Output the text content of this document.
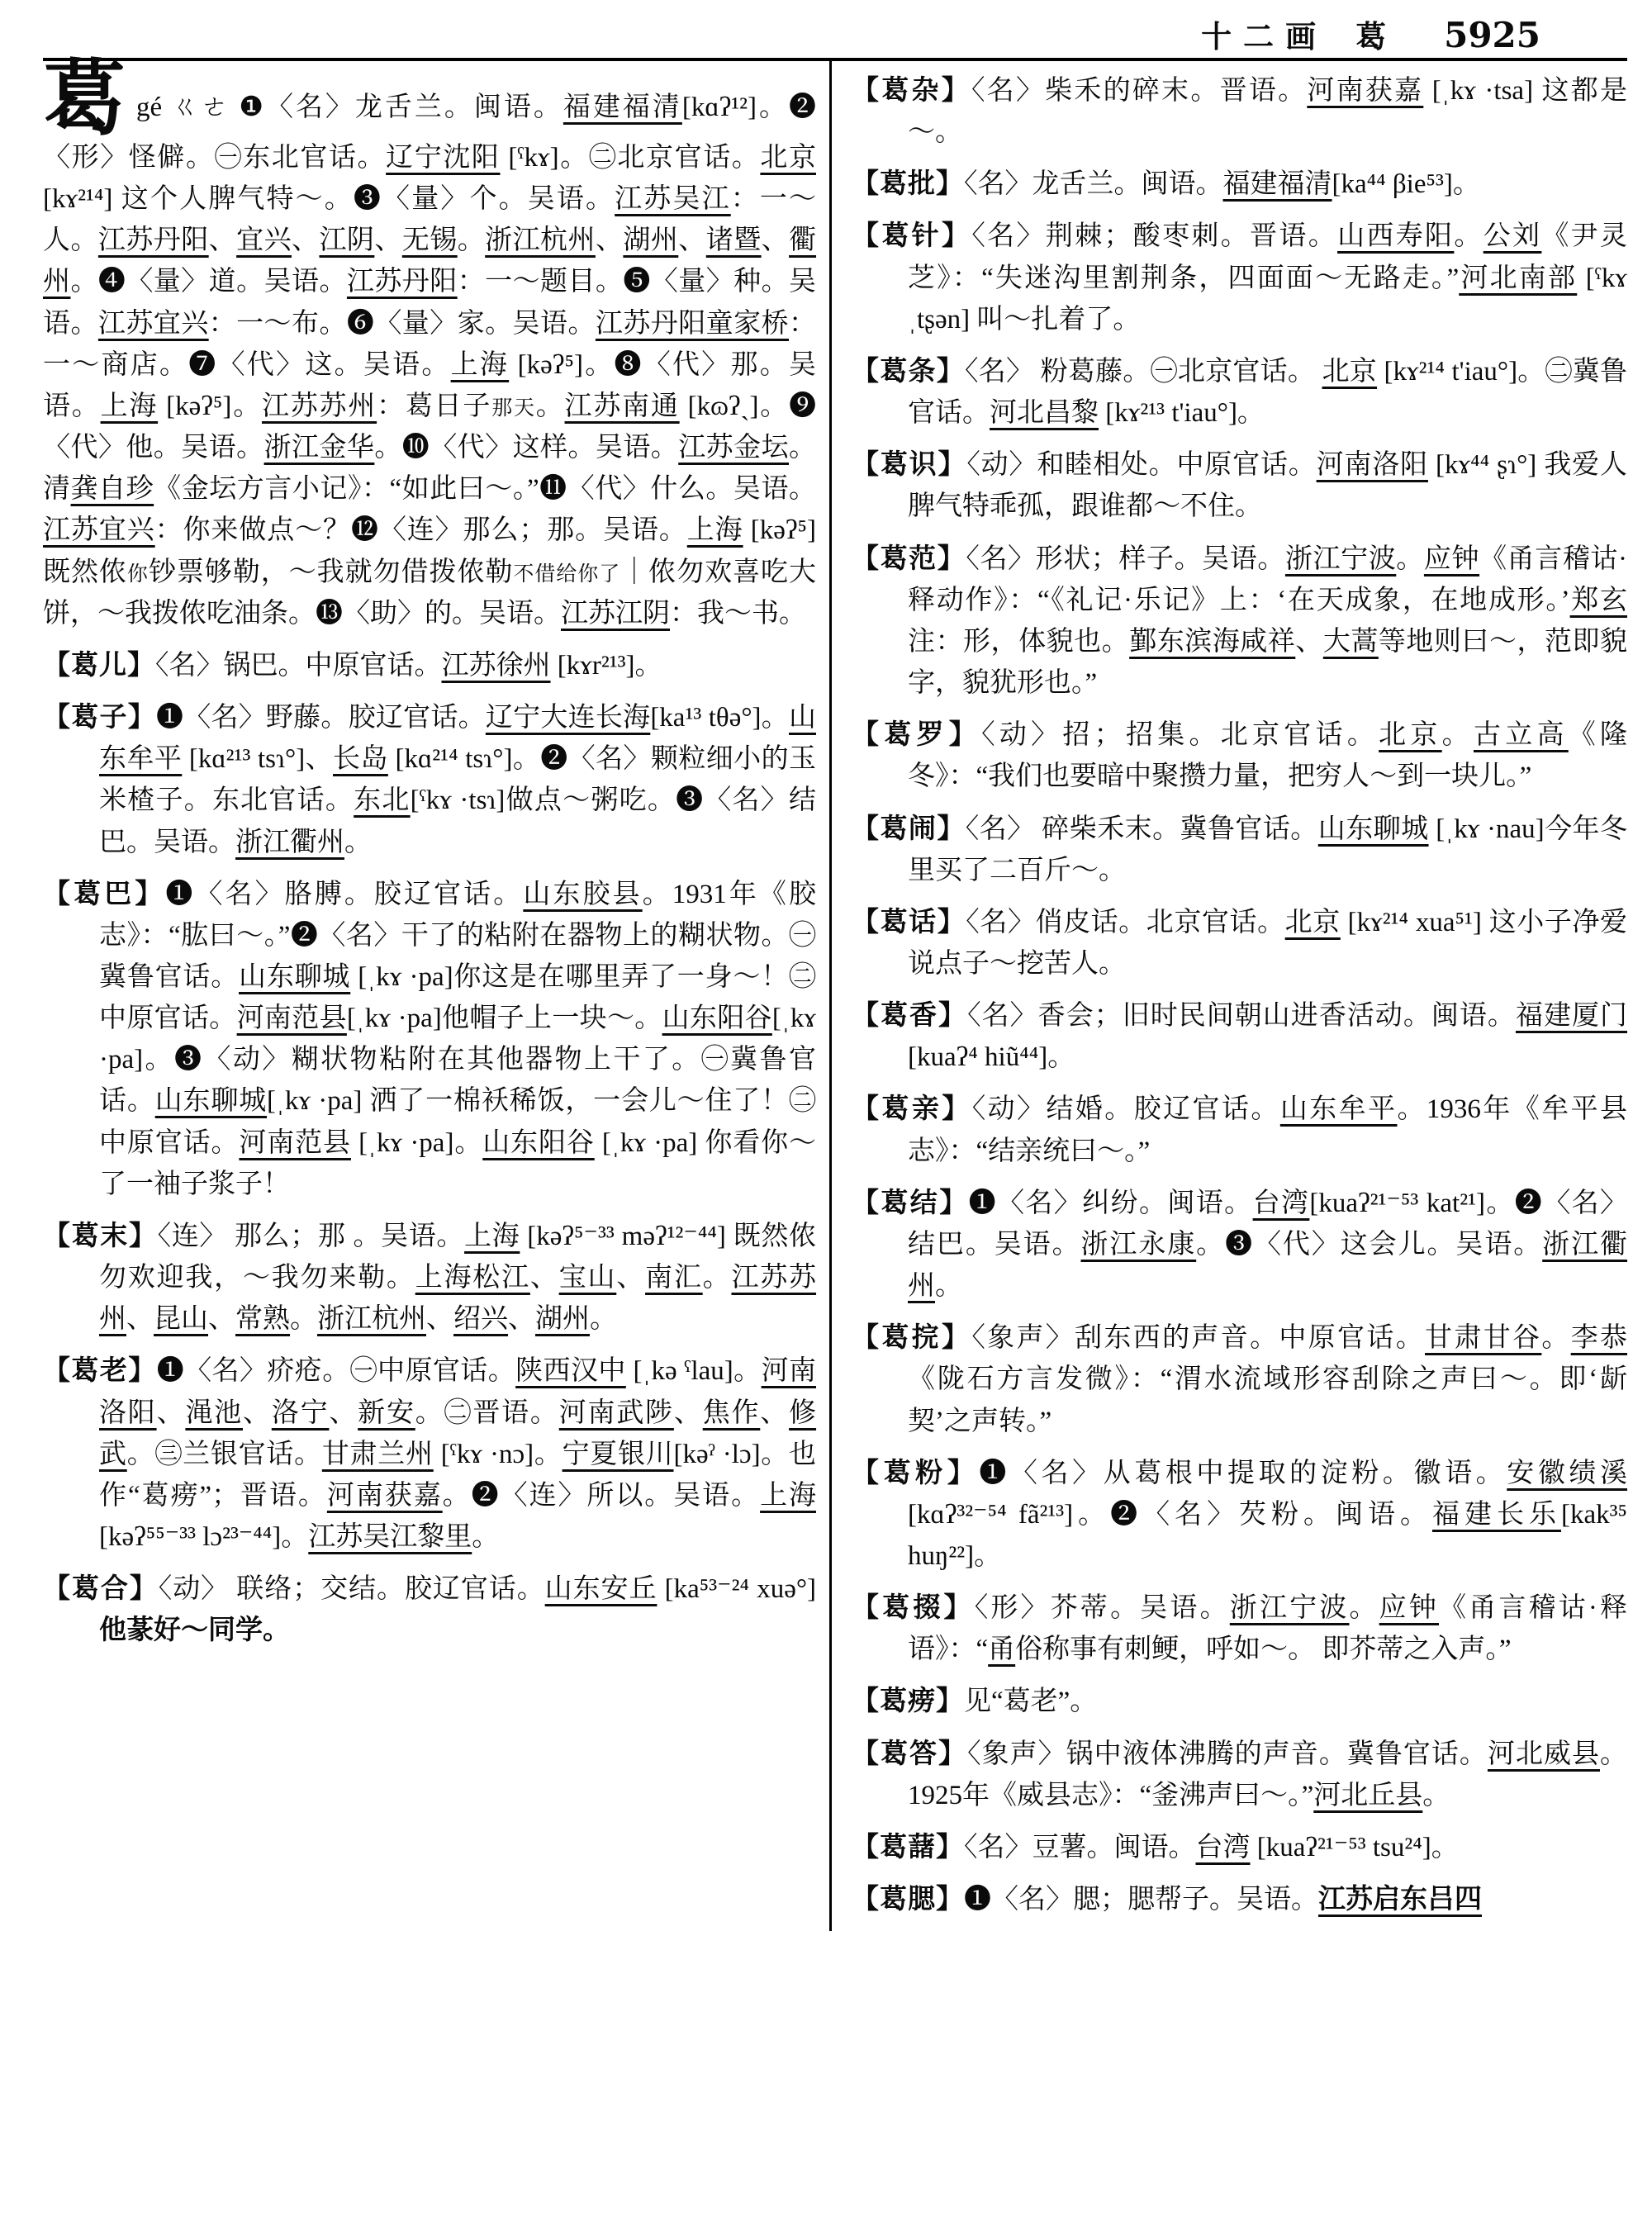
十二画 葛 5925
葛gé ㄍㄜ ❶〈名〉龙舌兰。闽语。福建福清[kɑʔ¹²]。❷〈形〉怪僻。㊀东北官话。辽宁沈阳 [ˤkɤ]。㊁北京官话。北京 [kɤ²¹⁴] 这个人脾气特～。❸〈量〉个。吴语。江苏吴江：一～人。江苏丹阳、宜兴、江阴、无锡。浙江杭州、湖州、诸暨、衢州。❹〈量〉道。吴语。江苏丹阳：一～题目。❺〈量〉种。吴语。江苏宜兴：一～布。❻〈量〉家。吴语。江苏丹阳童家桥：一～商店。❼〈代〉这。吴语。上海 [kəʔ⁵]。❽〈代〉那。吴语。上海 [kəʔ⁵]。江苏苏州：葛日子那天。江苏南通 [kɷʔˎ]。❾〈代〉他。吴语。浙江金华。❿〈代〉这样。吴语。江苏金坛。清龚自珍《金坛方言小记》：“如此曰～。”⓫〈代〉什么。吴语。江苏宜兴：你来做点～？⓬〈连〉那么；那。吴语。上海 [kəʔ⁵] 既然侬你钞票够勒，～我就勿借拨侬勒不借给你了｜侬勿欢喜吃大饼，～我拨侬吃油条。⓭〈助〉的。吴语。江苏江阴：我～书。
【葛儿】〈名〉锅巴。中原官话。江苏徐州 [kɤr²¹³]。
【葛子】❶〈名〉野藤。胶辽官话。辽宁大连长海[ka¹³ tθə°]。山东牟平 [kɑ²¹³ tsɿ°]、长岛 [kɑ²¹⁴ tsɿ°]。❷〈名〉颗粒细小的玉米楂子。东北官话。东北[ˤkɤ ·tsɿ]做点～粥吃。❸〈名〉结巴。吴语。浙江衢州。
【葛巴】❶〈名〉胳膊。胶辽官话。山东胶县。1931年《胶志》：“肱曰～。”❷〈名〉干了的粘附在器物上的糊状物。㊀冀鲁官话。山东聊城 [ˌkɤ ·pa]你这是在哪里弄了一身～！㊁中原官话。河南范县[ˌkɤ ·pa]他帽子上一块～。山东阳谷[ˌkɤ ·pa]。❸〈动〉糊状物粘附在其他器物上干了。㊀冀鲁官话。山东聊城[ˌkɤ ·pa] 洒了一棉袄稀饭，一会儿～住了！㊁中原官话。河南范县 [ˌkɤ ·pa]。山东阳谷 [ˌkɤ ·pa] 你看你～了一袖子浆子！
【葛末】〈连〉 那么；那 。吴语。上海 [kəʔ⁵⁻³³ məʔ¹²⁻⁴⁴] 既然侬勿欢迎我，～我勿来勒。上海松江、宝山、南汇。江苏苏州、昆山、常熟。浙江杭州、绍兴、湖州。
【葛老】❶〈名〉疥疮。㊀中原官话。陕西汉中 [ˌkə ˤlau]。河南洛阳、渑池、洛宁、新安。㊁晋语。河南武陟、焦作、修武。㊂兰银官话。甘肃兰州 [ˤkɤ ·nɔ]。宁夏银川[kəˀ ·lɔ]。也作“葛痨”；晋语。河南获嘉。❷〈连〉所以。吴语。上海[kəʔ⁵⁵⁻³³ lɔ²³⁻⁴⁴]。江苏吴江黎里。
【葛合】〈动〉 联络；交结。胶辽官话。山东安丘 [ka⁵³⁻²⁴ xuə°] 他蒃好～同学。
【葛杂】〈名〉柴禾的碎末。晋语。河南获嘉 [ˌkɤ ·tsa] 这都是～。
【葛批】〈名〉龙舌兰。闽语。福建福清[ka⁴⁴ βie⁵³]。
【葛针】〈名〉荆棘；酸枣刺。晋语。山西寿阳。公刘《尹灵芝》：“失迷沟里割荆条，四面面～无路走。”河北南部 [ˤkɤ ˌtʂən] 叫～扎着了。
【葛条】〈名〉 粉葛藤。㊀北京官话。 北京 [kɤ²¹⁴ t'iau°]。㊁冀鲁官话。河北昌黎 [kɤ²¹³ t'iau°]。
【葛识】〈动〉和睦相处。中原官话。河南洛阳 [kɤ⁴⁴ ʂɿ°] 我爱人脾气特乖孤，跟谁都～不住。
【葛范】〈名〉形状；样子。吴语。浙江宁波。应钟《甬言稽诂·释动作》：“《礼记·乐记》上：‘在天成象，在地成形。’郑玄注：形，体貌也。鄞东滨海咸祥、大蒿等地则曰～，范即貌字，貌犹形也。”
【葛罗】〈动〉招；招集。北京官话。北京。古立高《隆冬》：“我们也要暗中聚攒力量，把穷人～到一块儿。”
【葛闹】〈名〉 碎柴禾末。冀鲁官话。山东聊城 [ˌkɤ ·nau]今年冬里买了二百斤～。
【葛话】〈名〉俏皮话。北京官话。北京 [kɤ²¹⁴ xua⁵¹] 这小子净爱说点子～挖苦人。
【葛香】〈名〉香会；旧时民间朝山进香活动。闽语。福建厦门 [kuaʔ⁴ hiũ⁴⁴]。
【葛亲】〈动〉结婚。胶辽官话。山东牟平。1936年《牟平县志》：“结亲统曰～。”
【葛结】❶〈名〉纠纷。闽语。台湾[kuaʔ²¹⁻⁵³ kat²¹]。❷〈名〉结巴。吴语。浙江永康。❸〈代〉这会儿。吴语。浙江衢州。
【葛捖】〈象声〉刮东西的声音。中原官话。甘肃甘谷。李恭《陇石方言发微》：“渭水流域形容刮除之声曰～。即‘龂契’之声转。”
【葛粉】❶〈名〉从葛根中提取的淀粉。徽语。安徽绩溪 [kɑʔ³²⁻⁵⁴ fã²¹³]。❷〈名〉芡粉。闽语。福建长乐[kak³⁵ huŋ²²]。
【葛掇】〈形〉芥蒂。吴语。浙江宁波。应钟《甬言稽诂·释语》：“甬俗称事有刺鲠，呼如～。 即芥蒂之入声。”
【葛痨】见“葛老”。
【葛答】〈象声〉锅中液体沸腾的声音。冀鲁官话。河北威县。1925年《威县志》：“釜沸声曰～。”河北丘县。
【葛藷】〈名〉豆薯。闽语。台湾 [kuaʔ²¹⁻⁵³ tsu²⁴]。
【葛腮】❶〈名〉腮；腮帮子。吴语。江苏启东吕四
